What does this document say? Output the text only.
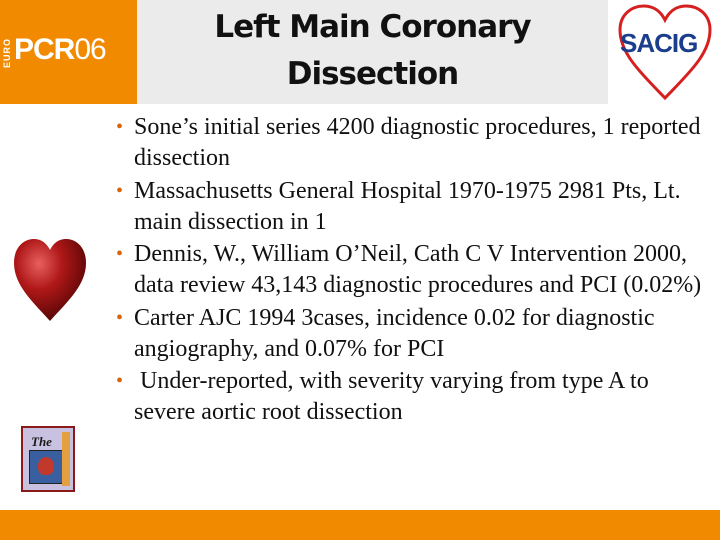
EURO PCR06
Left Main Coronary
Dissection
SACIG
The
• Sone’s initial series 4200 diagnostic procedures, 1 reported dissection
• Massachusetts General Hospital 1970-1975 2981 Pts, Lt. main dissection in 1
• Dennis, W., William O’Neil, Cath C V Intervention 2000, data review 43,143 diagnostic procedures and PCI (0.02%)
• Carter AJC 1994 3cases, incidence 0.02 for diagnostic angiography, and 0.07% for PCI
• Under-reported, with severity varying from type A to severe aortic root dissection
